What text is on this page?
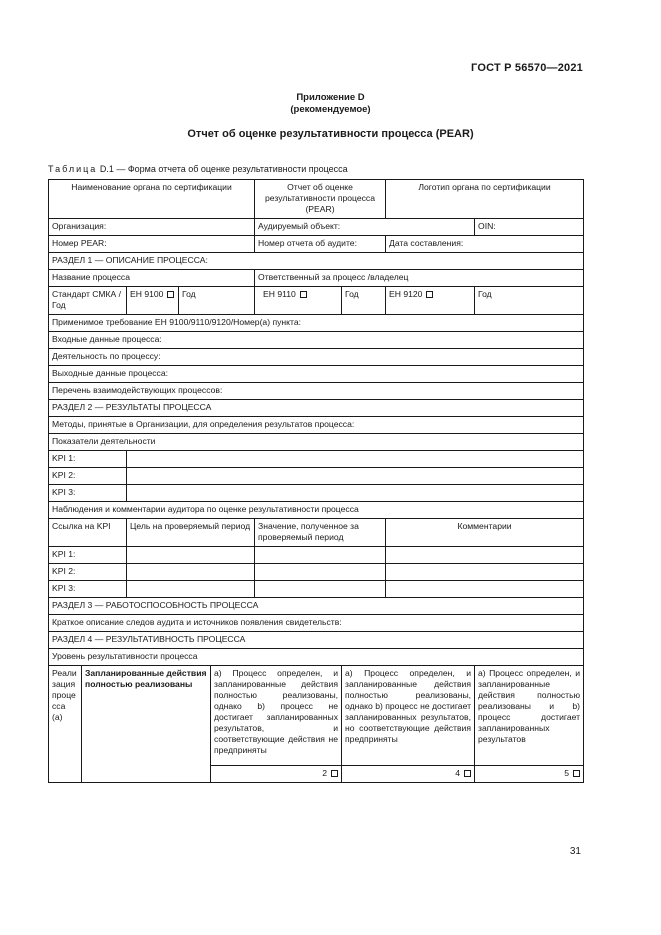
ГОСТ Р 56570—2021
Приложение D
(рекомендуемое)
Отчет об оценке результативности процесса (PEAR)
Таблица D.1 — Форма отчета об оценке результативности процесса
Наименование органа по сертификации					Отчет об оценке результативности процесса (PEAR)		Логотип органа по сертификации	
Организация:					Аудируемый объект:			OIN:
Номер PEAR:					Номер отчета об аудите:		Дата составления:	
РАЗДЕЛ 1 — ОПИСАНИЕ ПРОЦЕССА:								
Название процесса					Ответственный за процесс /владелец			
Стандарт СМКА / Год		ЕН 9100	Год		ЕН 9110	Год	ЕН 9120	Год
Применимое требование ЕН 9100/9110/9120/Номер(а) пункта:								
Входные данные процесса:								
Деятельность по процессу:								
Выходные данные процесса:								
Перечень взаимодействующих процессов:								
РАЗДЕЛ 2 — РЕЗУЛЬТАТЫ ПРОЦЕССА								
Методы, принятые в Организации, для определения результатов процесса:								
Показатели деятельности								
KPI 1:								
KPI 2:								
KPI 3:								
Наблюдения и комментарии аудитора по оценке результативности процесса								
Ссылка на KPI		Цель на проверяемый период			Значение, полученное за проверяемый период		Комментарии	
KPI 1:								
KPI 2:								
KPI 3:								
РАЗДЕЛ 3 — РАБОТОСПОСОБНОСТЬ ПРОЦЕССА								
Краткое описание следов аудита и источников появления свидетельств:								
РАЗДЕЛ 4 — РЕЗУЛЬТАТИВНОСТЬ ПРОЦЕССА								
Уровень результативности процесса								
Реализация процесса (а)	Запланированные действия полностью реализованы			а) Процесс определен, и запланированные действия полностью реализованы, однако b) процесс не достигает запланированных результатов, и соответствующие действия не предприняты		а) Процесс определен, и запланированные действия полностью реализованы, однако b) процесс не достигает запланированных результатов, но соответствующие действия предприняты		а) Процесс определен, и запланированные действия полностью реализованы и b) процесс достигает запланированных результатов
				2		4		5
31
